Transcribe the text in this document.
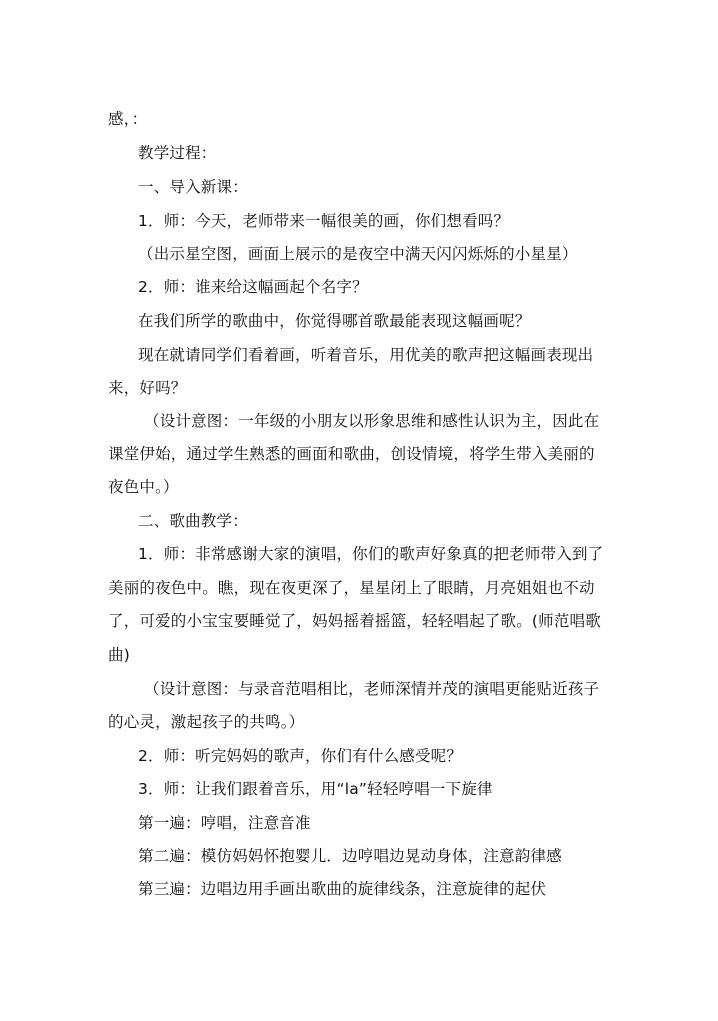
感，：
教学过程：
一、导入新课：
1．师：今天，老师带来一幅很美的画，你们想看吗？
（出示星空图，画面上展示的是夜空中满天闪闪烁烁的小星星）
2．师：谁来给这幅画起个名字？
在我们所学的歌曲中，你觉得哪首歌最能表现这幅画呢？
现在就请同学们看着画，听着音乐，用优美的歌声把这幅画表现出
来，好吗？
（设计意图：一年级的小朋友以形象思维和感性认识为主，因此在
课堂伊始，通过学生熟悉的画面和歌曲，创设情境，将学生带入美丽的
夜色中。）
二、歌曲教学：
1．师：非常感谢大家的演唱，你们的歌声好象真的把老师带入到了
美丽的夜色中。瞧，现在夜更深了，星星闭上了眼睛，月亮姐姐也不动
了，可爱的小宝宝要睡觉了，妈妈摇着摇篮，轻轻唱起了歌。(师范唱歌
曲)
（设计意图：与录音范唱相比，老师深情并茂的演唱更能贴近孩子
的心灵，激起孩子的共鸣。）
2．师：听完妈妈的歌声，你们有什么感受呢？
3．师：让我们跟着音乐，用“la”轻轻哼唱一下旋律
第一遍：哼唱，注意音准
第二遍：模仿妈妈怀抱婴儿．边哼唱边晃动身体，注意韵律感
第三遍：边唱边用手画出歌曲的旋律线条，注意旋律的起伏
